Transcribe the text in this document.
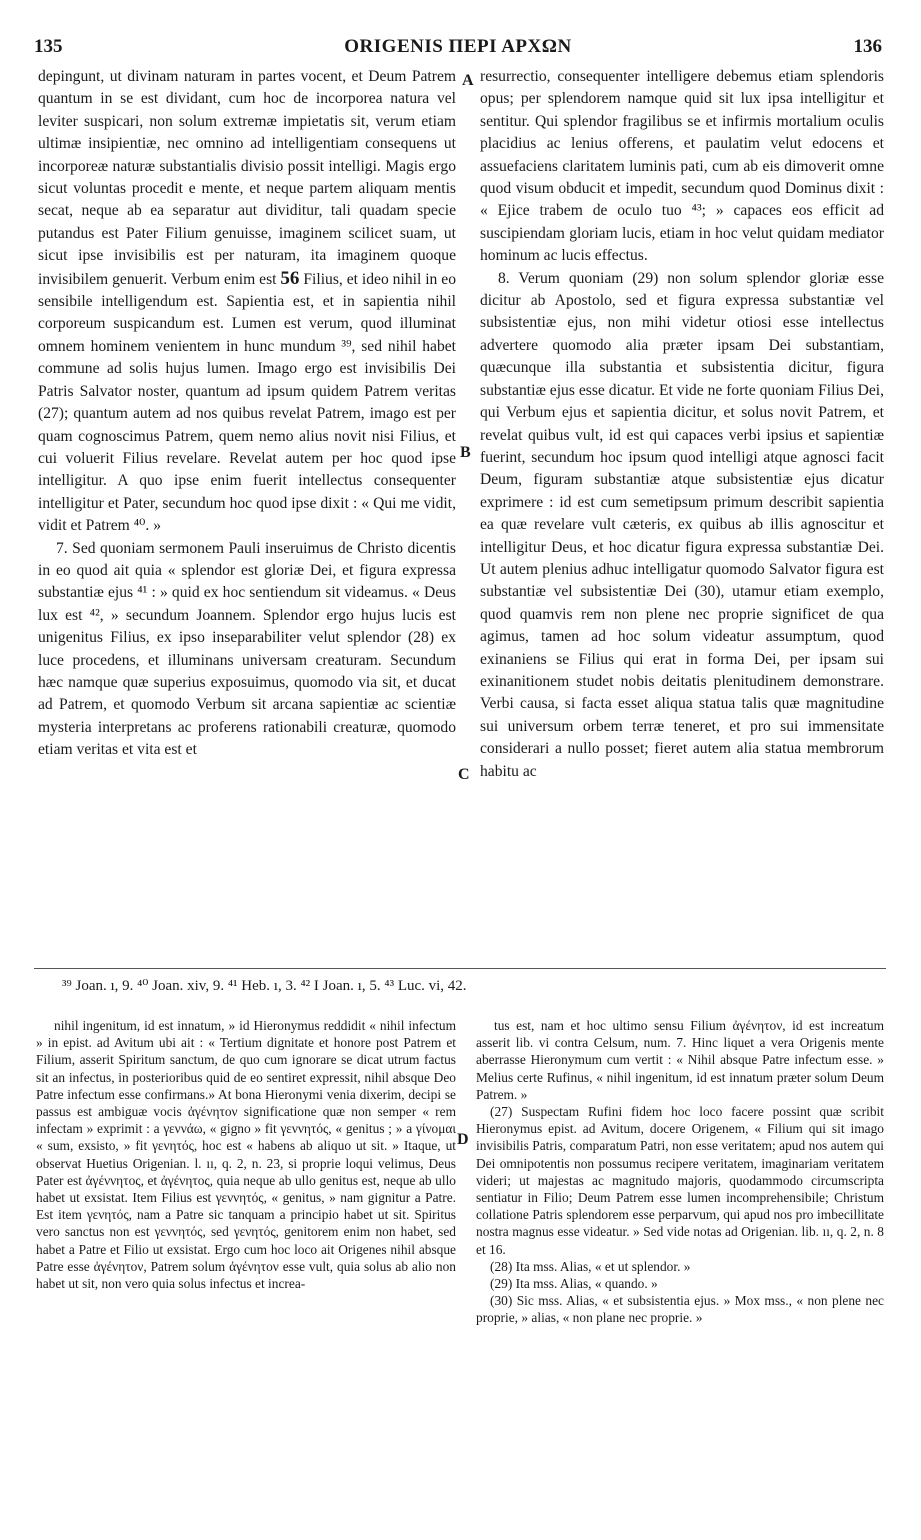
135	ORIGENIS ΠΕΡΙ ΑΡΧΩΝ	136
A
B
C
D

depingunt, ut divinam naturam in partes vocent, et Deum Patrem quantum in se est dividant, cum hoc de incorporea natura vel leviter suspicari, non solum extremæ impietatis sit, verum etiam ultimæ insipientiæ, nec omnino ad intelligentiam consequens ut incorporeæ naturæ substantialis divisio possit intelligi. Magis ergo sicut voluntas procedit e mente, et neque partem aliquam mentis secat, neque ab ea separatur aut dividitur, tali quadam specie putandus est Pater Filium genuisse, imaginem scilicet suam, ut sicut ipse invisibilis est per naturam, ita imaginem quoque invisibilem genuerit. Verbum enim est 56 Filius, et ideo nihil in eo sensibile intelligendum est. Sapientia est, et in sapientia nihil corporeum suspicandum est. Lumen est verum, quod illuminat omnem hominem venientem in hunc mundum ³⁹, sed nihil habet commune ad solis hujus lumen. Imago ergo est invisibilis Dei Patris Salvator noster, quantum ad ipsum quidem Patrem veritas (27); quantum autem ad nos quibus revelat Patrem, imago est per quam cognoscimus Patrem, quem nemo alius novit nisi Filius, et cui voluerit Filius revelare. Revelat autem per hoc quod ipse intelligitur. A quo ipse enim fuerit intellectus consequenter intelligitur et Pater, secundum hoc quod ipse dixit : « Qui me vidit, vidit et Patrem ⁴⁰. »

7. Sed quoniam sermonem Pauli inseruimus de Christo dicentis in eo quod ait quia « splendor est gloriæ Dei, et figura expressa substantiæ ejus ⁴¹ : » quid ex hoc sentiendum sit videamus. « Deus lux est ⁴², » secundum Joannem. Splendor ergo hujus lucis est unigenitus Filius, ex ipso inseparabiliter velut splendor (28) ex luce procedens, et illuminans universam creaturam. Secundum hæc namque quæ superius exposuimus, quomodo via sit, et ducat ad Patrem, et quomodo Verbum sit arcana sapientiæ ac scientiæ mysteria interpretans ac proferens rationabili creaturæ, quomodo etiam veritas et vita est et

resurrectio, consequenter intelligere debemus etiam splendoris opus; per splendorem namque quid sit lux ipsa intelligitur et sentitur. Qui splendor fragilibus se et infirmis mortalium oculis placidius ac lenius offerens, et paulatim velut edocens et assuefaciens claritatem luminis pati, cum ab eis dimoverit omne quod visum obducit et impedit, secundum quod Dominus dixit : « Ejice trabem de oculo tuo ⁴³; » capaces eos efficit ad suscipiendam gloriam lucis, etiam in hoc velut quidam mediator hominum ac lucis effectus.

8. Verum quoniam (29) non solum splendor gloriæ esse dicitur ab Apostolo, sed et figura expressa substantiæ vel subsistentiæ ejus, non mihi videtur otiosi esse intellectus advertere quomodo alia præter ipsam Dei substantiam, quæcunque illa substantia et subsistentia dicitur, figura substantiæ ejus esse dicatur. Et vide ne forte quoniam Filius Dei, qui Verbum ejus et sapientia dicitur, et solus novit Patrem, et revelat quibus vult, id est qui capaces verbi ipsius et sapientiæ fuerint, secundum hoc ipsum quod intelligi atque agnosci facit Deum, figuram substantiæ atque subsistentiæ ejus dicatur exprimere : id est cum semetipsum primum describit sapientia ea quæ revelare vult cæteris, ex quibus ab illis agnoscitur et intelligitur Deus, et hoc dicatur figura expressa substantiæ Dei. Ut autem plenius adhuc intelligatur quomodo Salvator figura est substantiæ vel subsistentiæ Dei (30), utamur etiam exemplo, quod quamvis rem non plene nec proprie significet de qua agimus, tamen ad hoc solum videatur assumptum, quod exinaniens se Filius qui erat in forma Dei, per ipsam sui exinanitionem studet nobis deitatis plenitudinem demonstrare. Verbi causa, si facta esset aliqua statua talis quæ magnitudine sui universum orbem terræ teneret, et pro sui immensitate considerari a nullo posset; fieret autem alia statua membrorum habitu ac

³⁹ Joan. ı, 9. ⁴⁰ Joan. xiv, 9. ⁴¹ Heb. ı, 3. ⁴² I Joan. ı, 5. ⁴³ Luc. vi, 42.

nihil ingenitum, id est innatum, » id Hieronymus reddidit « nihil infectum » in epist. ad Avitum ubi ait : « Tertium dignitate et honore post Patrem et Filium, asserit Spiritum sanctum, de quo cum ignorare se dicat utrum factus sit an infectus, in posterioribus quid de eo sentiret expressit, nihil absque Deo Patre infectum esse confirmans.» At bona Hieronymi venia dixerim, decipi se passus est ambiguæ vocis ἀγένητον significatione quæ non semper « rem infectam » exprimit : a γεννάω, « gigno » fit γεννητός, « genitus ; » a γίνομαι « sum, exsisto, » fit γενητός, hoc est « habens ab aliquo ut sit. » Itaque, ut observat Huetius Origenian. l. ıı, q. 2, n. 23, si proprie loqui velimus, Deus Pater est ἀγέννητος, et ἀγένητος, quia neque ab ullo genitus est, neque ab ullo habet ut exsistat. Item Filius est γεννητός, « genitus, » nam gignitur a Patre. Est item γενητός, nam a Patre sic tanquam a principio habet ut sit. Spiritus vero sanctus non est γεννητός, sed γενητός, genitorem enim non habet, sed habet a Patre et Filio ut exsistat. Ergo cum hoc loco ait Origenes nihil absque Patre esse ἀγένητον, Patrem solum ἀγένητον esse vult, quia solus ab alio non habet ut sit, non vero quia solus infectus et increa-

tus est, nam et hoc ultimo sensu Filium ἀγένητον, id est increatum asserit lib. vi contra Celsum, num. 7. Hinc liquet a vera Origenis mente aberrasse Hieronymum cum vertit : « Nihil absque Patre infectum esse. » Melius certe Rufinus, « nihil ingenitum, id est innatum præter solum Deum Patrem. »

(27) Suspectam Rufini fidem hoc loco facere possint quæ scribit Hieronymus epist. ad Avitum, docere Origenem, « Filium qui sit imago invisibilis Patris, comparatum Patri, non esse veritatem; apud nos autem qui Dei omnipotentis non possumus recipere veritatem, imaginariam veritatem videri; ut majestas ac magnitudo majoris, quodammodo circumscripta sentiatur in Filio; Deum Patrem esse lumen incomprehensibile; Christum collatione Patris splendorem esse perparvum, qui apud nos pro imbecillitate nostra magnus esse videatur. » Sed vide notas ad Origenian. lib. ıı, q. 2, n. 8 et 16.

(28) Ita mss. Alias, « et ut splendor. »

(29) Ita mss. Alias, « quando. »

(30) Sic mss. Alias, « et subsistentia ejus. » Mox mss., « non plene nec proprie, » alias, « non plane nec proprie. »
